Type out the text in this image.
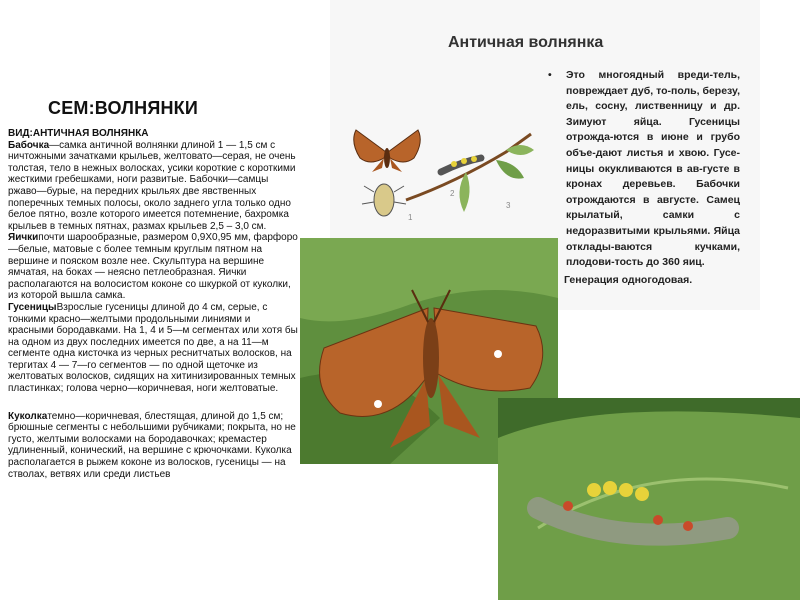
СЕМ:ВОЛНЯНКИ

ВИД:АНТИЧНАЯ ВОЛНЯНКА

Бабочка—самка античной волнянки длиной 1 — 1,5 см с ничтожными зачатками крыльев, желтовато—серая, не очень толстая, тело в нежных волосках, усики короткие с короткими жесткими гребешками, ноги развитые. Бабочки—самцы ржаво—бурые, на передних крыльях две явственных поперечных темных полосы, около заднего угла только одно белое пятно, возле которого имеется потемнение, бахромка крыльев в темных пятнах, размах крыльев 2,5 – 3,0 см.

Яичкипочти шарообразные, размером 0,9Х0,95 мм, фарфоро—белые, матовые с более темным круглым пятном на вершине и пояском возле нее. Скульптура на вершине ямчатая, на боках — неясно петлеобразная. Яички располагаются на волосистом коконе со шкуркой от куколки, из которой вышла самка.

ГусеницыВзрослые гусеницы длиной до 4 см, серые, с тонкими красно—желтыми продольными линиями и красными бородавками. На 1, 4 и 5—м сегментах или хотя бы на одном из двух последних имеется по две, а на 11—м сегменте одна кисточка из черных реснитчатых волосков, на тергитах 4 — 7—го сегментов — по одной щеточке из желтоватых волосков, сидящих на хитинизированных темных пластинках; голова черно—коричневая, ноги желтоватые.

Куколкатемно—коричневая, блестящая, длиной до 1,5 см; брюшные сегменты с небольшими рубчиками; покрыта, но не густо, желтыми волосками на бородавочках; кремастер удлиненный, конический, на вершине с крючочками. Куколка располагается в рыжем коконе из волосков, гусеницы — на стволах, ветвях или среди листьев

Античная волнянка
• Это многоядный вреди-тель, повреждает дуб, то-поль, березу, ель, сосну, лиственницу и др. Зимуют яйца. Гусеницы отрожда-ются в июне и грубо объе-дают листья и хвою. Гусе-ницы окукливаются в ав-густе в кронах деревьев. Бабочки отрождаются в августе. Самец крылатый, самки с недоразвитыми крыльями. Яйца отклады-ваются кучками, плодови-тость до 360 яиц.
Генерация одногодовая.
1
2
3
